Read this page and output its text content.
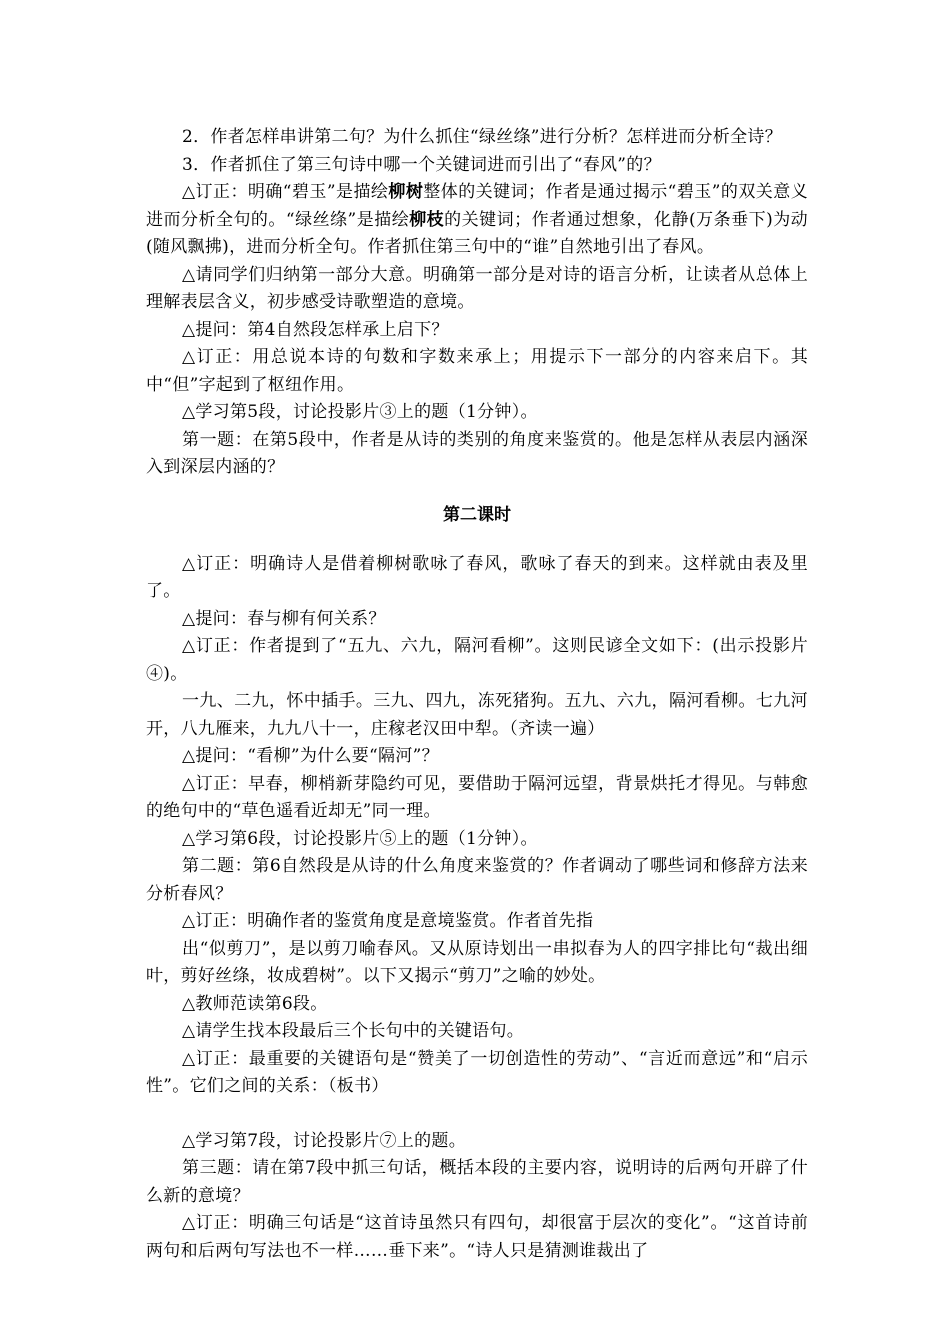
2．作者怎样串讲第二句？为什么抓住“绿丝绦”进行分析？怎样进而分析全诗？

3．作者抓住了第三句诗中哪一个关键词进而引出了“春风”的？

△订正：明确“碧玉”是描绘柳树整体的关键词；作者是通过揭示“碧玉”的双关意义进而分析全句的。“绿丝绦”是描绘柳枝的关键词；作者通过想象，化静(万条垂下)为动(随风飘拂)，进而分析全句。作者抓住第三句中的“谁”自然地引出了春风。

△请同学们归纳第一部分大意。明确第一部分是对诗的语言分析，让读者从总体上理解表层含义，初步感受诗歌塑造的意境。

△提问：第4自然段怎样承上启下？

△订正：用总说本诗的句数和字数来承上；用提示下一部分的内容来启下。其中“但”字起到了枢纽作用。

△学习第5段，讨论投影片③上的题（1分钟）。

第一题：在第5段中，作者是从诗的类别的角度来鉴赏的。他是怎样从表层内涵深入到深层内涵的？

第二课时

△订正：明确诗人是借着柳树歌咏了春风，歌咏了春天的到来。这样就由表及里了。

△提问：春与柳有何关系？

△订正：作者提到了“五九、六九，隔河看柳”。这则民谚全文如下：(出示投影片④)。

一九、二九，怀中插手。三九、四九，冻死猪狗。五九、六九，隔河看柳。七九河开，八九雁来，九九八十一，庄稼老汉田中犁。（齐读一遍）

△提问：“看柳”为什么要“隔河”？

△订正：早春，柳梢新芽隐约可见，要借助于隔河远望，背景烘托才得见。与韩愈的绝句中的“草色遥看近却无”同一理。

△学习第6段，讨论投影片⑤上的题（1分钟）。

第二题：第6自然段是从诗的什么角度来鉴赏的？作者调动了哪些词和修辞方法来分析春风？

△订正：明确作者的鉴赏角度是意境鉴赏。作者首先指

出“似剪刀”，是以剪刀喻春风。又从原诗划出一串拟春为人的四字排比句“裁出细叶，剪好丝绦，妆成碧树”。以下又揭示“剪刀”之喻的妙处。

△教师范读第6段。

△请学生找本段最后三个长句中的关键语句。

△订正：最重要的关键语句是“赞美了一切创造性的劳动”、“言近而意远”和“启示性”。它们之间的关系：（板书）

△学习第7段，讨论投影片⑦上的题。

第三题：请在第7段中抓三句话，概括本段的主要内容，说明诗的后两句开辟了什么新的意境？

△订正：明确三句话是“这首诗虽然只有四句，却很富于层次的变化”。“这首诗前两句和后两句写法也不一样……垂下来”。“诗人只是猜测谁裁出了
